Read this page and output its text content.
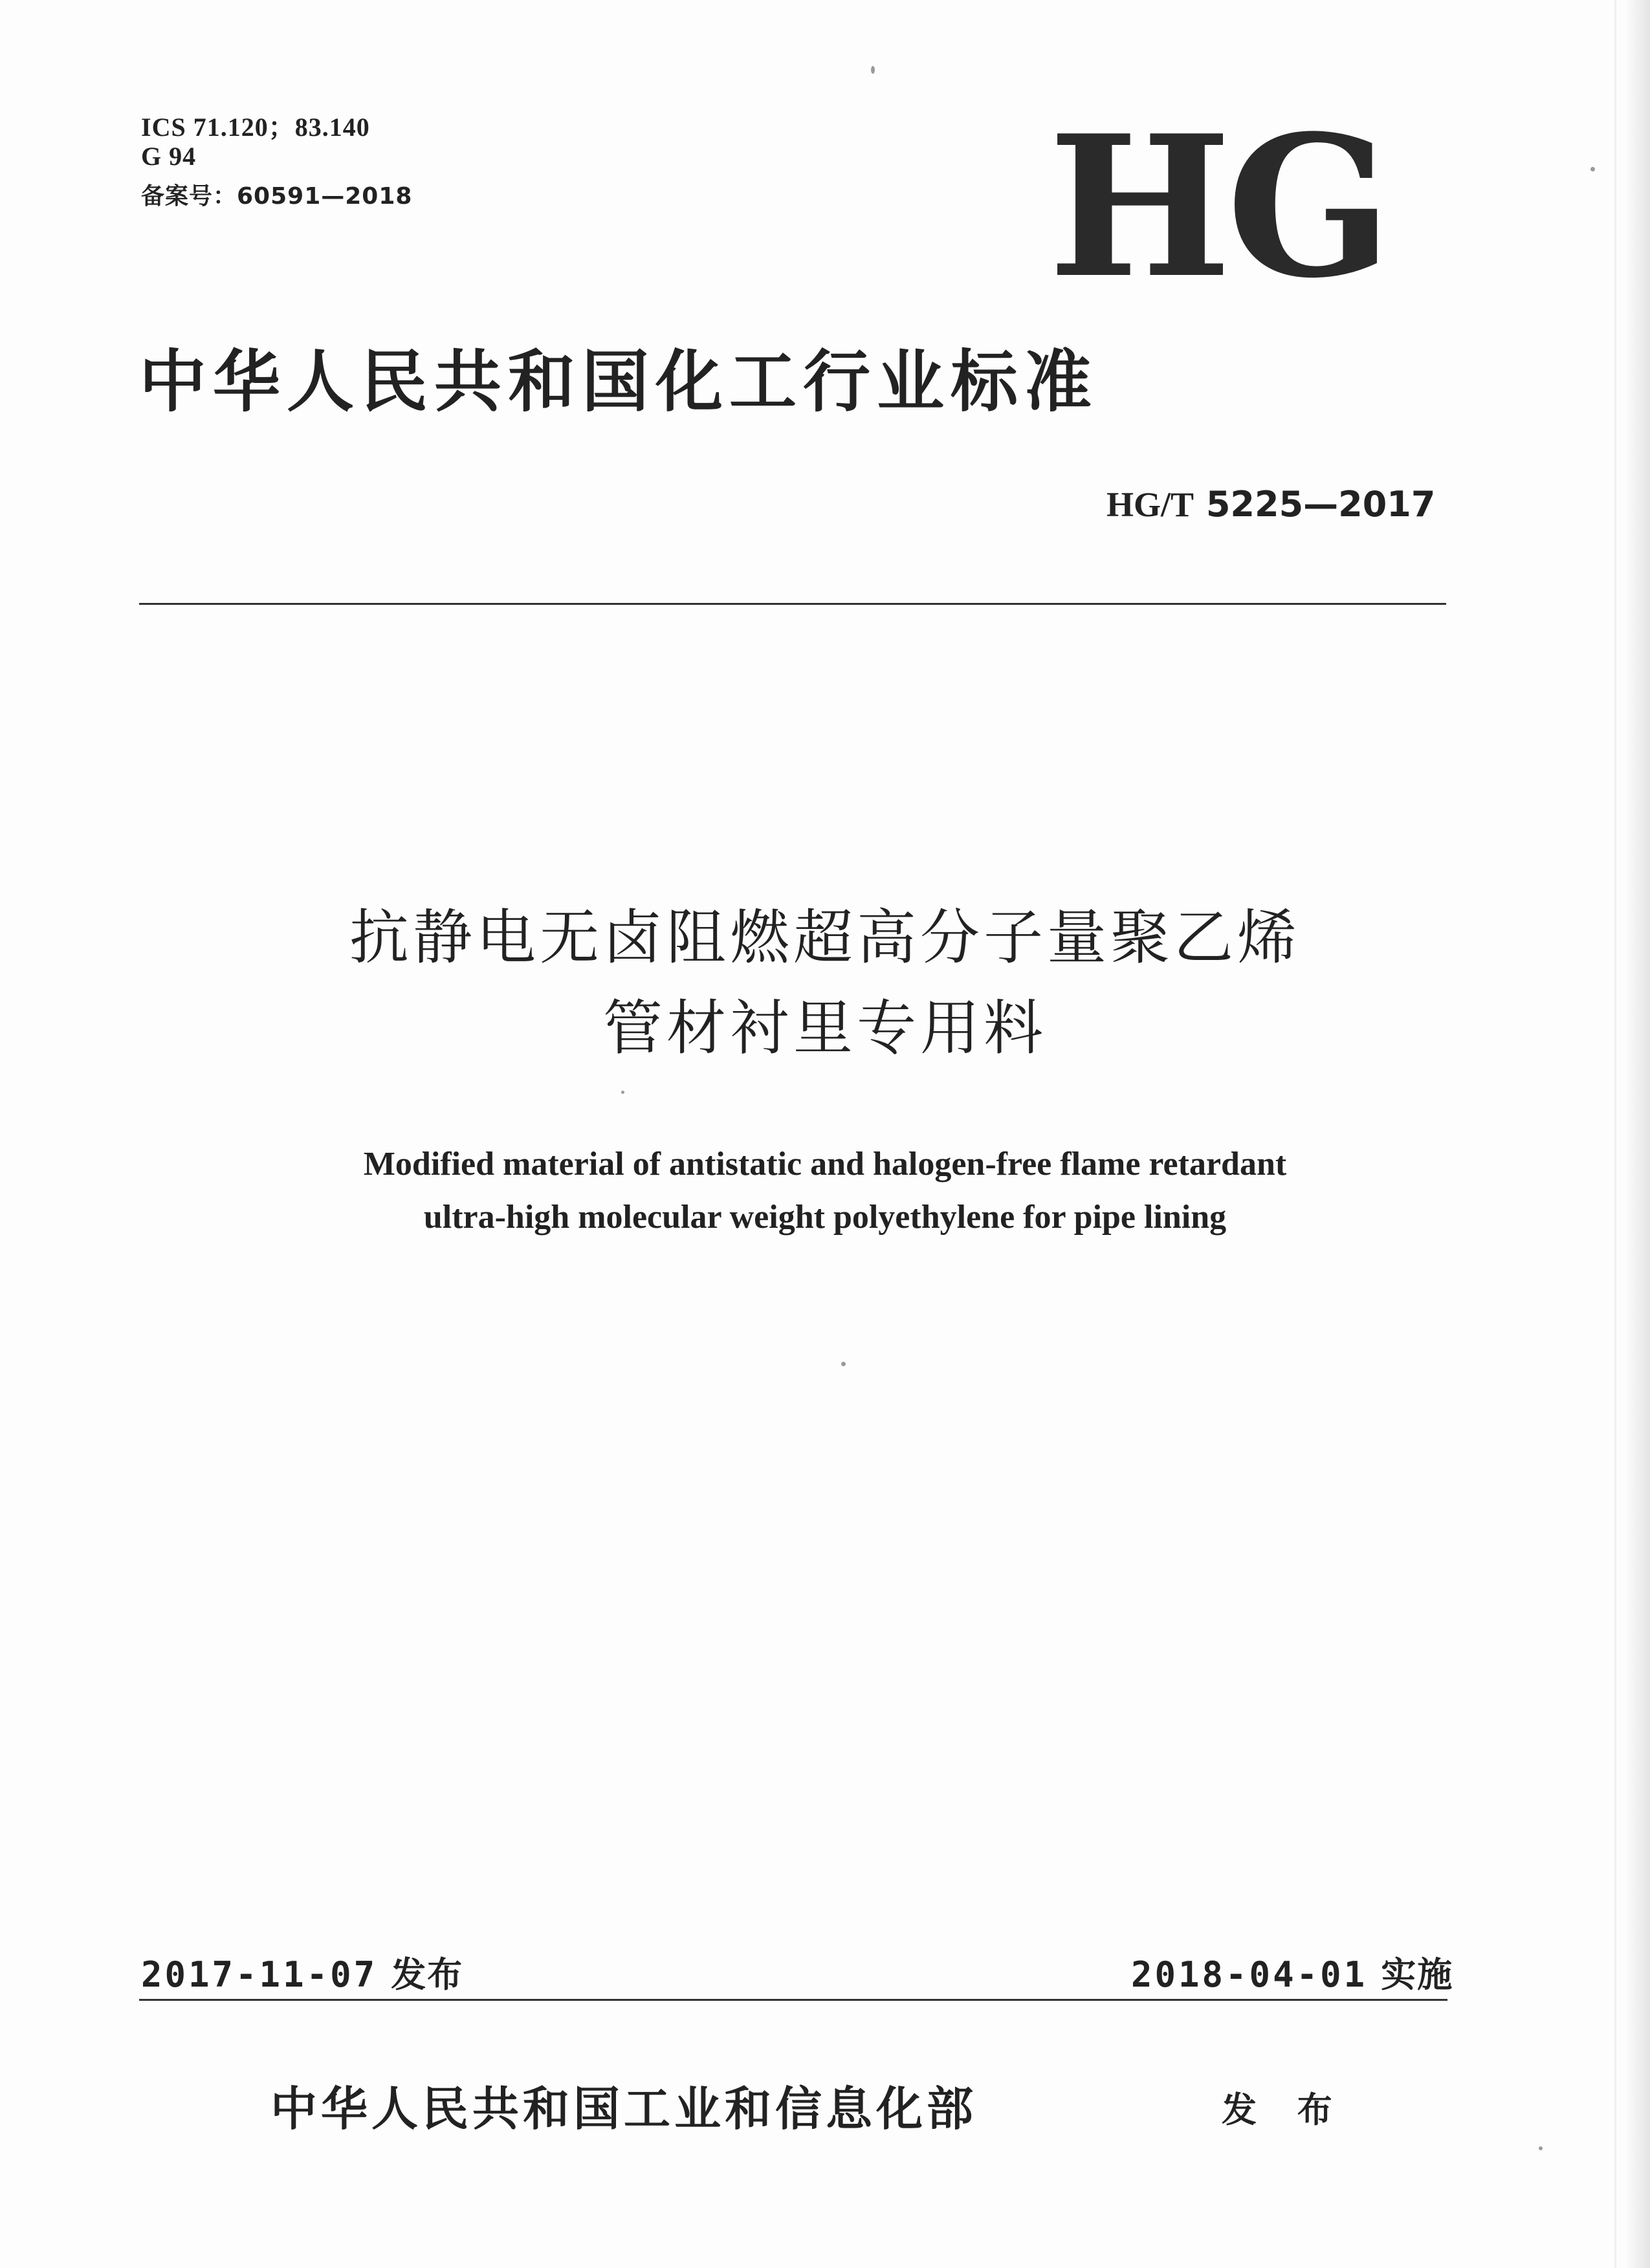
ICS 71.120；83.140
G 94
备案号：60591—2018	HG
中华人民共和国化工行业标准
HG/T 5225—2017
抗静电无卤阻燃超高分子量聚乙烯
管材衬里专用料
Modified material of antistatic and halogen-free flame retardant
ultra-high molecular weight polyethylene for pipe lining
2017-11-07 发布	2018-04-01 实施
中华人民共和国工业和信息化部	发 布
